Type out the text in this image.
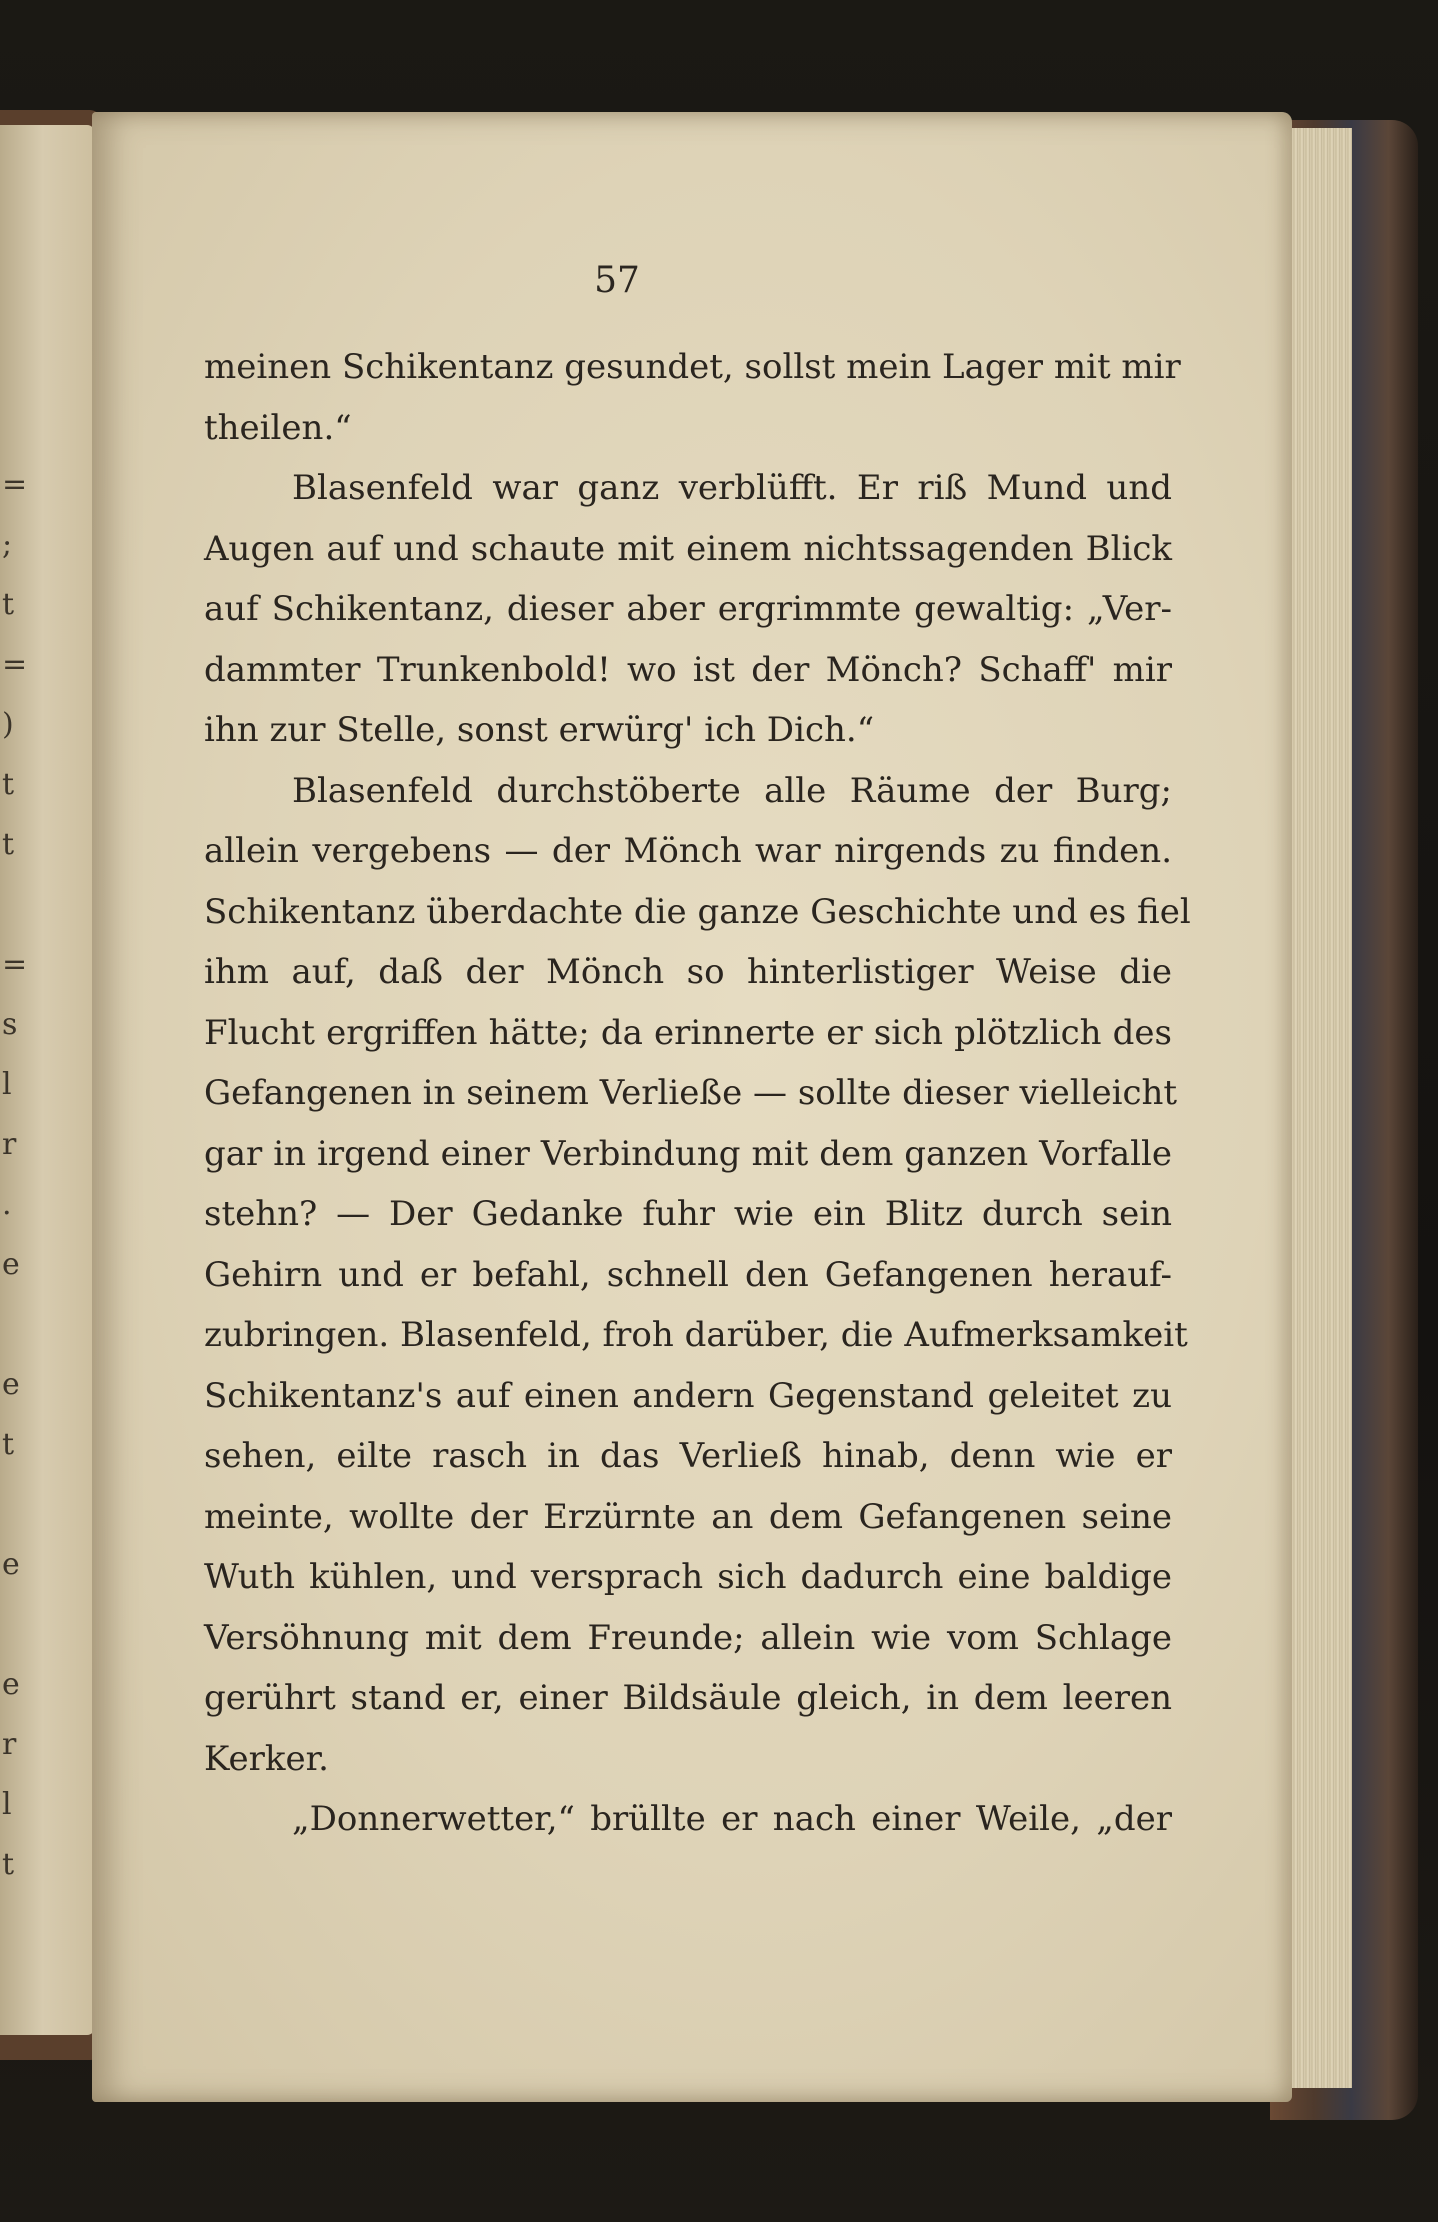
=
;
t
=
)
t
t
=
s
l
r
.
e
e
t
e
e
r
l
t
57
meinen Schikentanz gesundet, sollst mein Lager mit mir
theilen.“
Blasenfeld war ganz verblüfft. Er riß Mund und
Augen auf und schaute mit einem nichtssagenden Blick
auf Schikentanz, dieser aber ergrimmte gewaltig: „Ver-
dammter Trunkenbold! wo ist der Mönch? Schaff' mir
ihn zur Stelle, sonst erwürg' ich Dich.“
Blasenfeld durchstöberte alle Räume der Burg;
allein vergebens — der Mönch war nirgends zu finden.
Schikentanz überdachte die ganze Geschichte und es fiel
ihm auf, daß der Mönch so hinterlistiger Weise die
Flucht ergriffen hätte; da erinnerte er sich plötzlich des
Gefangenen in seinem Verließe — sollte dieser vielleicht
gar in irgend einer Verbindung mit dem ganzen Vorfalle
stehn? — Der Gedanke fuhr wie ein Blitz durch sein
Gehirn und er befahl, schnell den Gefangenen herauf-
zubringen. Blasenfeld, froh darüber, die Aufmerksamkeit
Schikentanz's auf einen andern Gegenstand geleitet zu
sehen, eilte rasch in das Verließ hinab, denn wie er
meinte, wollte der Erzürnte an dem Gefangenen seine
Wuth kühlen, und versprach sich dadurch eine baldige
Versöhnung mit dem Freunde; allein wie vom Schlage
gerührt stand er, einer Bildsäule gleich, in dem leeren
Kerker.
„Donnerwetter,“ brüllte er nach einer Weile, „der
